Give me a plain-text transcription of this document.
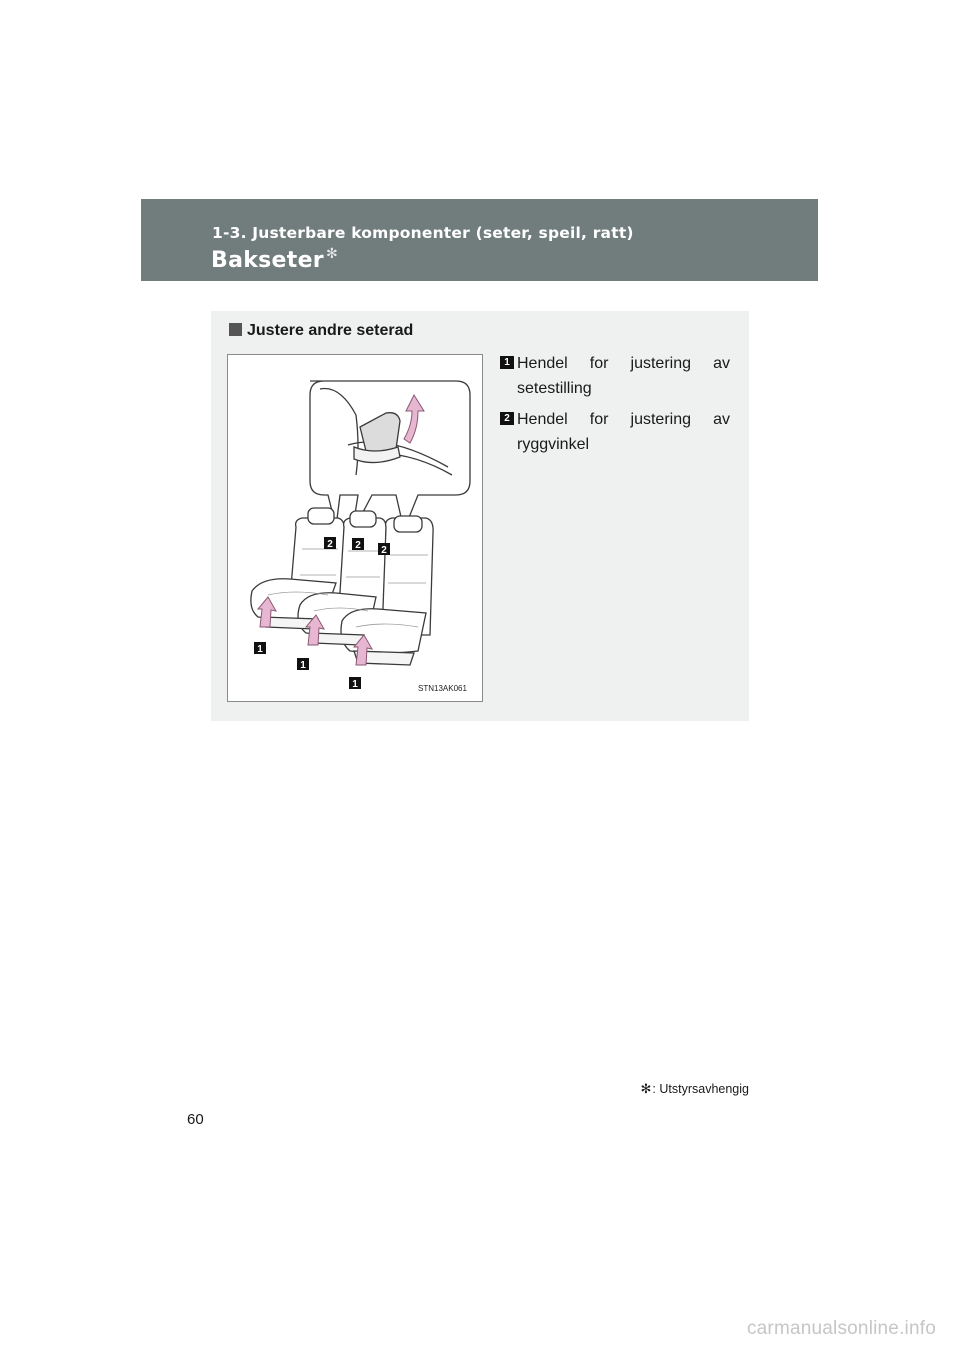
1-3. Justerbare komponenter (seter, speil, ratt)
Bakseter ✻
Justere andre seterad
2 2 2
1
1
1	STN13AK061
1 Hendel for justering av setestilling
2 Hendel for justering av ryggvinkel
✻: Utstyrsavhengig
60
carmanualsonline.info
